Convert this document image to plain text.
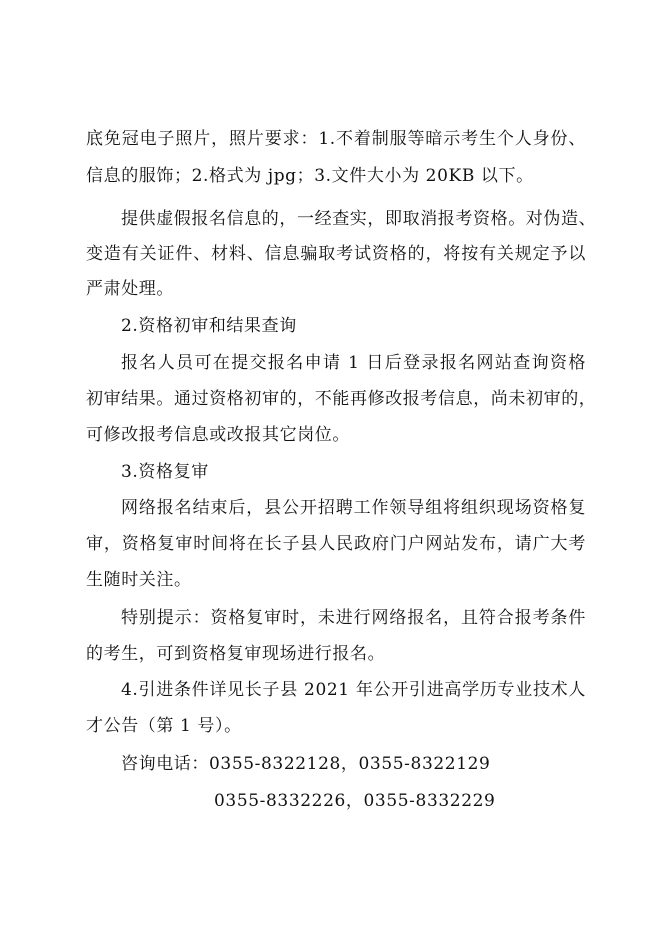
底免冠电子照片，照片要求：1.不着制服等暗示考生个人身份、
信息的服饰；2.格式为 jpg；3.文件大小为 20KB 以下。
提供虚假报名信息的，一经查实，即取消报考资格。对伪造、
变造有关证件、材料、信息骗取考试资格的，将按有关规定予以
严肃处理。
2.资格初审和结果查询
报名人员可在提交报名申请 1 日后登录报名网站查询资格
初审结果。通过资格初审的，不能再修改报考信息，尚未初审的，
可修改报考信息或改报其它岗位。
3.资格复审
网络报名结束后，县公开招聘工作领导组将组织现场资格复
审，资格复审时间将在长子县人民政府门户网站发布，请广大考
生随时关注。
特别提示：资格复审时，未进行网络报名，且符合报考条件
的考生，可到资格复审现场进行报名。
4.引进条件详见长子县 2021 年公开引进高学历专业技术人
才公告（第 1 号）。
咨询电话：0355-8322128，0355-8322129
0355-8332226，0355-8332229
